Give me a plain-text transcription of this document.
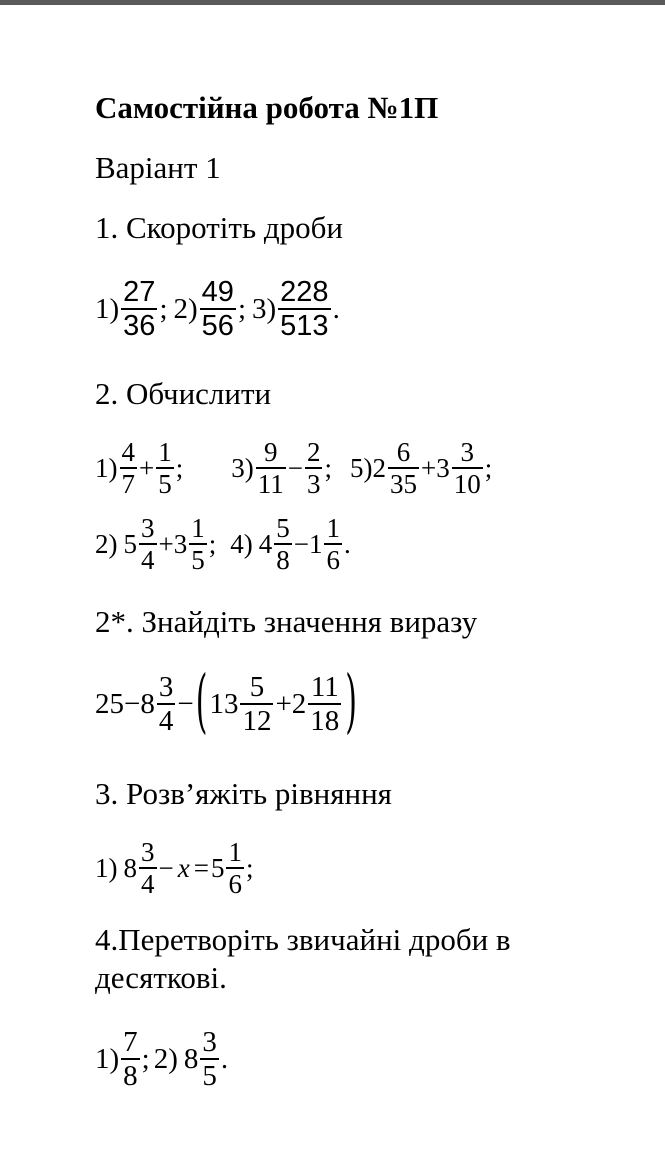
Самостійна робота №1П
Варіант 1
1. Скоротіть дроби
$1) \frac{27}{36}$ ; $2) \frac{49}{56}$ ; $3) \frac{228}{513}$ .
2. Обчислити
$1) \frac{4}{7} + \frac{1}{5}$ ; $3) \frac{9}{11} - \frac{2}{3}$ ; 5) $2 \frac{6}{35} + 3 \frac{3}{10}$ ;
2) $5 \frac{3}{4} + 3 \frac{1}{5}$ ; 4) $4 \frac{5}{8} - 1 \frac{1}{6}$ .
2*. Знайдіть значення виразу
$25 - 8 \frac{3}{4}$ − ( $13 \frac{5}{12} + 2 \frac{11}{18}$ )
3. Розв’яжіть рівняння
1) $8 \frac{3}{4} - x = 5 \frac{1}{6}$ ;
4.Перетворіть звичайні дроби в
десяткові.
$1) \frac{7}{8}$ ; 2) $8 \frac{3}{5}$ .
